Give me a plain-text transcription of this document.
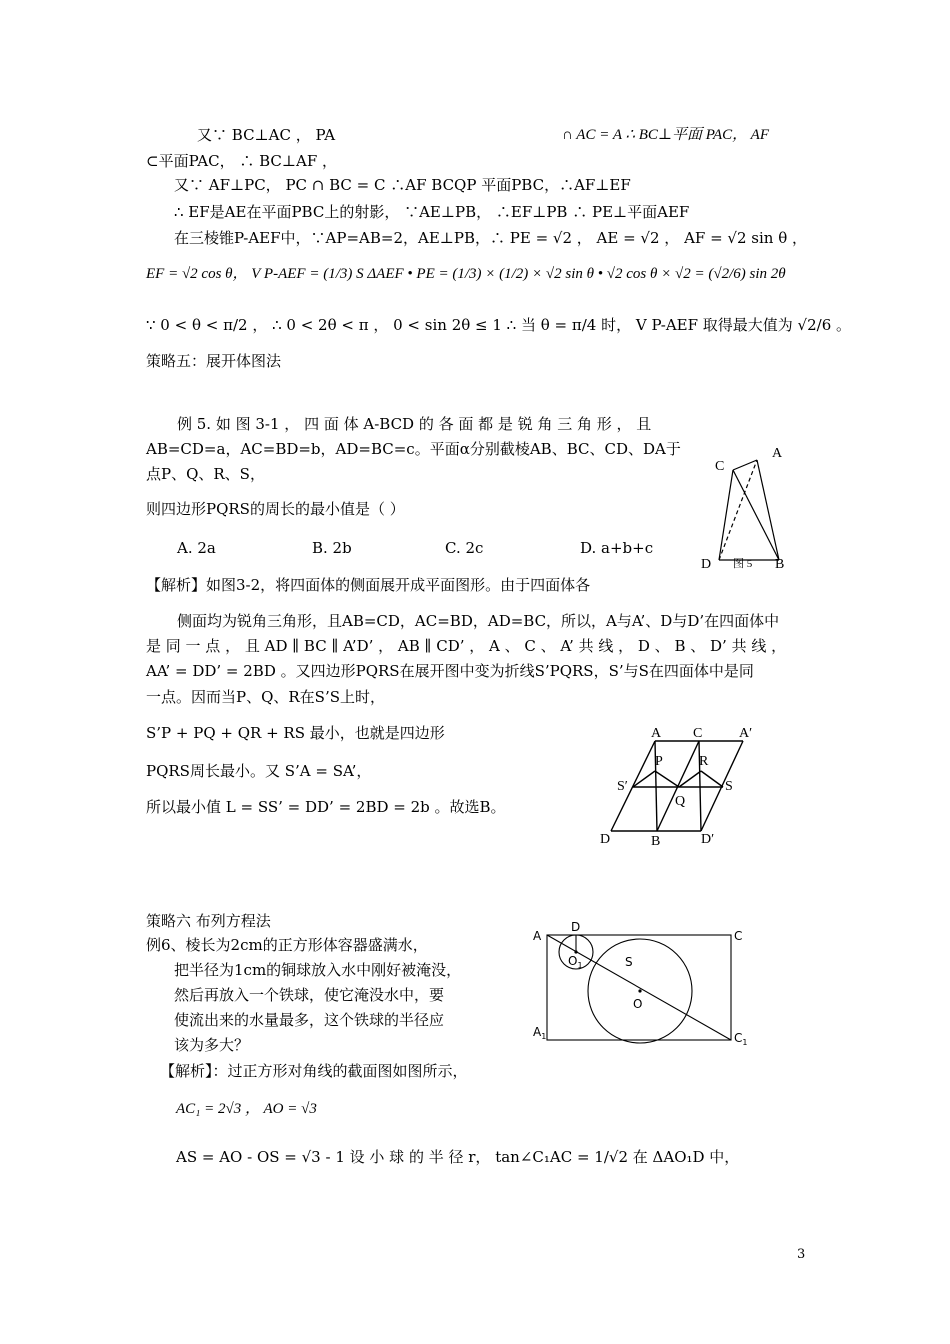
又∵ BC⊥AC ， PA	∩ AC = A ∴ BC⊥平面 PAC， AF
⊂平面PAC， ∴ BC⊥AF ，
又∵ AF⊥PC， PC ∩ BC = C ∴AF BCQP 平面PBC，∴AF⊥EF
∴ EF是AE在平面PBC上的射影， ∵AE⊥PB， ∴EF⊥PB ∴ PE⊥平面AEF
在三棱锥P-AEF中，∵AP=AB=2，AE⊥PB，∴ PE = √2 ， AE = √2 ， AF = √2 sin θ ，
EF = √2 cos θ， V P-AEF = (1/3) S ΔAEF • PE = (1/3) × (1/2) × √2 sin θ • √2 cos θ × √2 = (√2/6) sin 2θ
∵ 0 < θ < π/2 ， ∴ 0 < 2θ < π ， 0 < sin 2θ ≤ 1 ∴ 当 θ = π/4 时， V P-AEF 取得最大值为 √2/6 。
策略五：展开体图法
例 5. 如 图 3-1 ， 四 面 体 A-BCD 的 各 面 都 是 锐 角 三 角 形 ， 且
AB=CD=a，AC=BD=b，AD=BC=c。平面α分别截棱AB、BC、CD、DA于
点P、Q、R、S，
则四边形PQRS的周长的最小值是（ ）
A. 2a	B. 2b	C. 2c	D. a+b+c
【解析】如图3-2，将四面体的侧面展开成平面图形。由于四面体各
侧面均为锐角三角形，且AB=CD，AC=BD，AD=BC，所以，A与A’、D与D’在四面体中
是 同 一 点 ， 且 AD ∥ BC ∥ A’D’ ， AB ∥ CD’ ， A 、 C 、 A’ 共 线 ， D 、 B 、 D’ 共 线 ，
AA’ = DD’ = 2BD 。又四边形PQRS在展开图中变为折线S’PQRS，S’与S在四面体中是同
一点。因而当P、Q、R在S’S上时，
S’P + PQ + QR + RS 最小，也就是四边形
PQRS周长最小。又 S’A = SA’，
所以最小值 L = SS’ = DD’ = 2BD = 2b 。故选B。
策略六 布列方程法
例6、棱长为2cm的正方形体容器盛满水，
把半径为1cm的铜球放入水中刚好被淹没，
然后再放入一个铁球，使它淹没水中，要
使流出来的水量最多，这个铁球的半径应
该为多大？
【解析】：过正方形对角线的截面图如图所示，
AC₁ = 2√3 ， AO = √3
AS = AO - OS = √3 - 1 设 小 球 的 半 径 r， tan∠C₁AC = 1/√2 在 ΔAO₁D 中，
A
C
D	B
图 5
A C	A′
P	R
S′	S
Q
D	B	D′
A
D
C
$O_1$	S
O
$A_1$	$C_1$
3
